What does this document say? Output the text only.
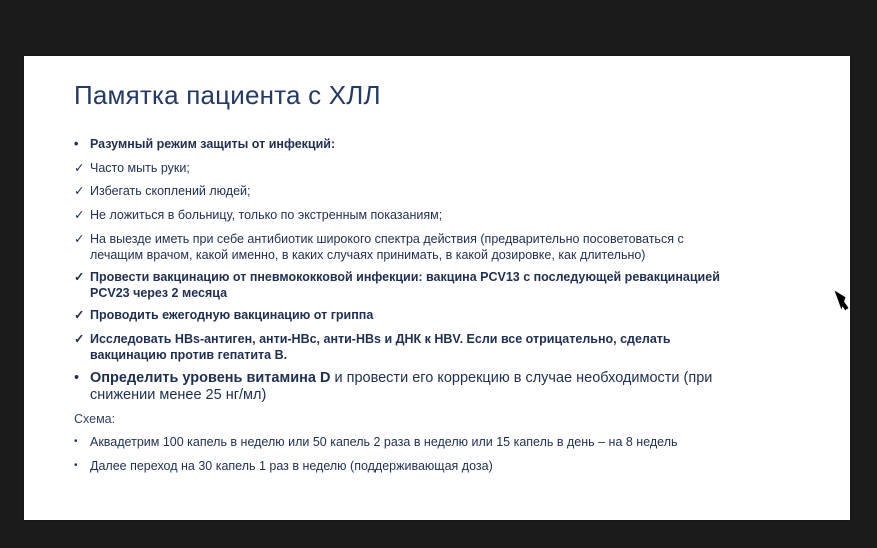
Памятка пациента с ХЛЛ
• Разумный режим защиты от инфекций:
✓ Часто мыть руки;
✓ Избегать скоплений людей;
✓ Не ложиться в больницу, только по экстренным показаниям;
✓ На выезде иметь при себе антибиотик широкого спектра действия (предварительно посоветоваться с лечащим врачом, какой именно, в каких случаях принимать, в какой дозировке, как длительно)
✓ Провести вакцинацию от пневмококковой инфекции: вакцина PCV13 с последующей ревакцинацией PCV23 через 2 месяца
✓ Проводить ежегодную вакцинацию от гриппа
✓ Исследовать HBs-антиген, анти-HBc, анти-HBs и ДНК к HBV. Если все отрицательно, сделать вакцинацию против гепатита В.
• Определить уровень витамина D и провести его коррекцию в случае необходимости (при снижении менее 25 нг/мл)
Схема:
• Аквадетрим 100 капель в неделю или 50 капель 2 раза в неделю или 15 капель в день – на 8 недель
• Далее переход на 30 капель 1 раз в неделю (поддерживающая доза)
